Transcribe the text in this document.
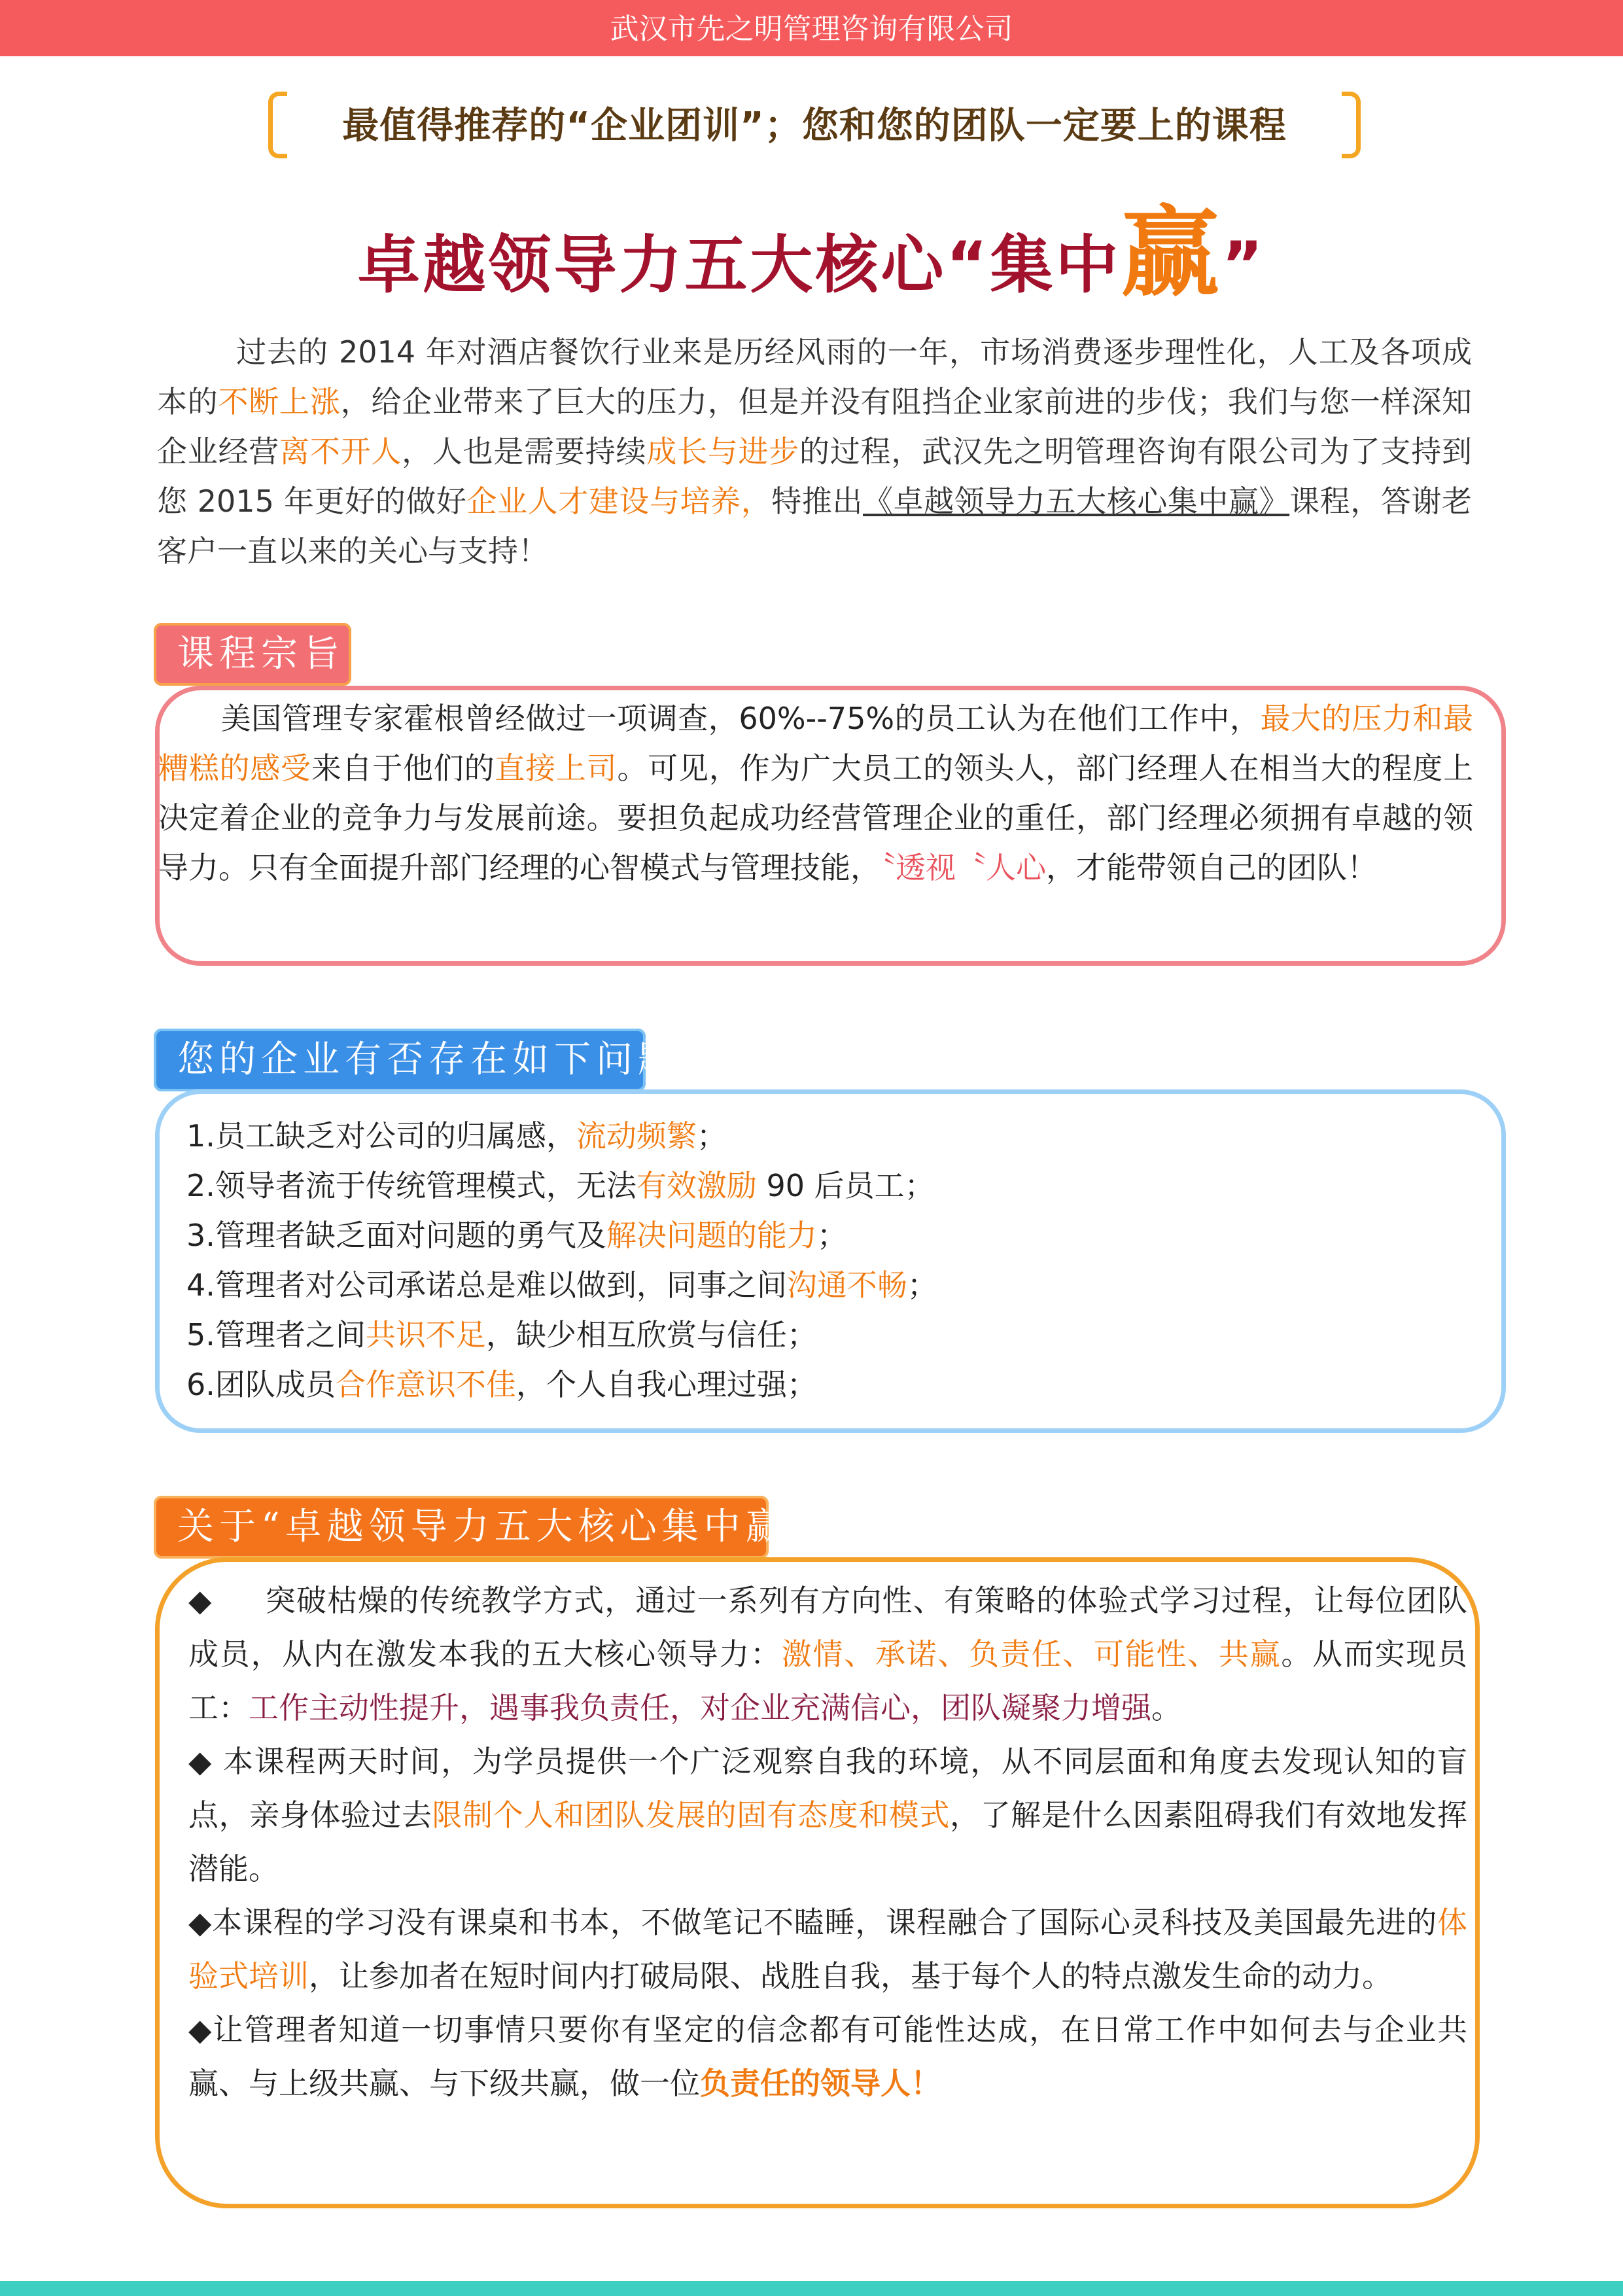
武汉市先之明管理咨询有限公司
最值得推荐的“企业团训”；您和您的团队一定要上的课程
卓越领导力五大核心“集中赢”
过去的 2014 年对酒店餐饮行业来是历经风雨的一年，市场消费逐步理性化，人工及各项成本的不断上涨，给企业带来了巨大的压力，但是并没有阻挡企业家前进的步伐；我们与您一样深知企业经营离不开人，人也是需要持续成长与进步的过程，武汉先之明管理咨询有限公司为了支持到您 2015 年更好的做好企业人才建设与培养，特推出《卓越领导力五大核心集中赢》课程，答谢老客户一直以来的关心与支持！
课程宗旨
美国管理专家霍根曾经做过一项调查，60%--75%的员工认为在他们工作中，最大的压力和最糟糕的感受来自于他们的直接上司。可见，作为广大员工的领头人，部门经理人在相当大的程度上决定着企业的竞争力与发展前途。要担负起成功经营管理企业的重任，部门经理必须拥有卓越的领导力。只有全面提升部门经理的心智模式与管理技能，〝透视〝人心，才能带领自己的团队！
您的企业有否存在如下问题
1.员工缺乏对公司的归属感，流动频繁；
2.领导者流于传统管理模式，无法有效激励 90 后员工；
3.管理者缺乏面对问题的勇气及解决问题的能力；
4.管理者对公司承诺总是难以做到，同事之间沟通不畅；
5.管理者之间共识不足，缺少相互欣赏与信任；
6.团队成员合作意识不佳，个人自我心理过强；
关于“卓越领导力五大核心集中赢”

◆ 突破枯燥的传统教学方式，通过一系列有方向性、有策略的体验式学习过程，让每位团队成员，从内在激发本我的五大核心领导力：激情、承诺、负责任、可能性、共赢。从而实现员工：工作主动性提升，遇事我负责任，对企业充满信心，团队凝聚力增强。

◆ 本课程两天时间，为学员提供一个广泛观察自我的环境，从不同层面和角度去发现认知的盲点，亲身体验过去限制个人和团队发展的固有态度和模式，了解是什么因素阻碍我们有效地发挥潜能。

◆本课程的学习没有课桌和书本，不做笔记不瞌睡，课程融合了国际心灵科技及美国最先进的体验式培训，让参加者在短时间内打破局限、战胜自我，基于每个人的特点激发生命的动力。

◆让管理者知道一切事情只要你有坚定的信念都有可能性达成，在日常工作中如何去与企业共赢、与上级共赢、与下级共赢，做一位负责任的领导人！
